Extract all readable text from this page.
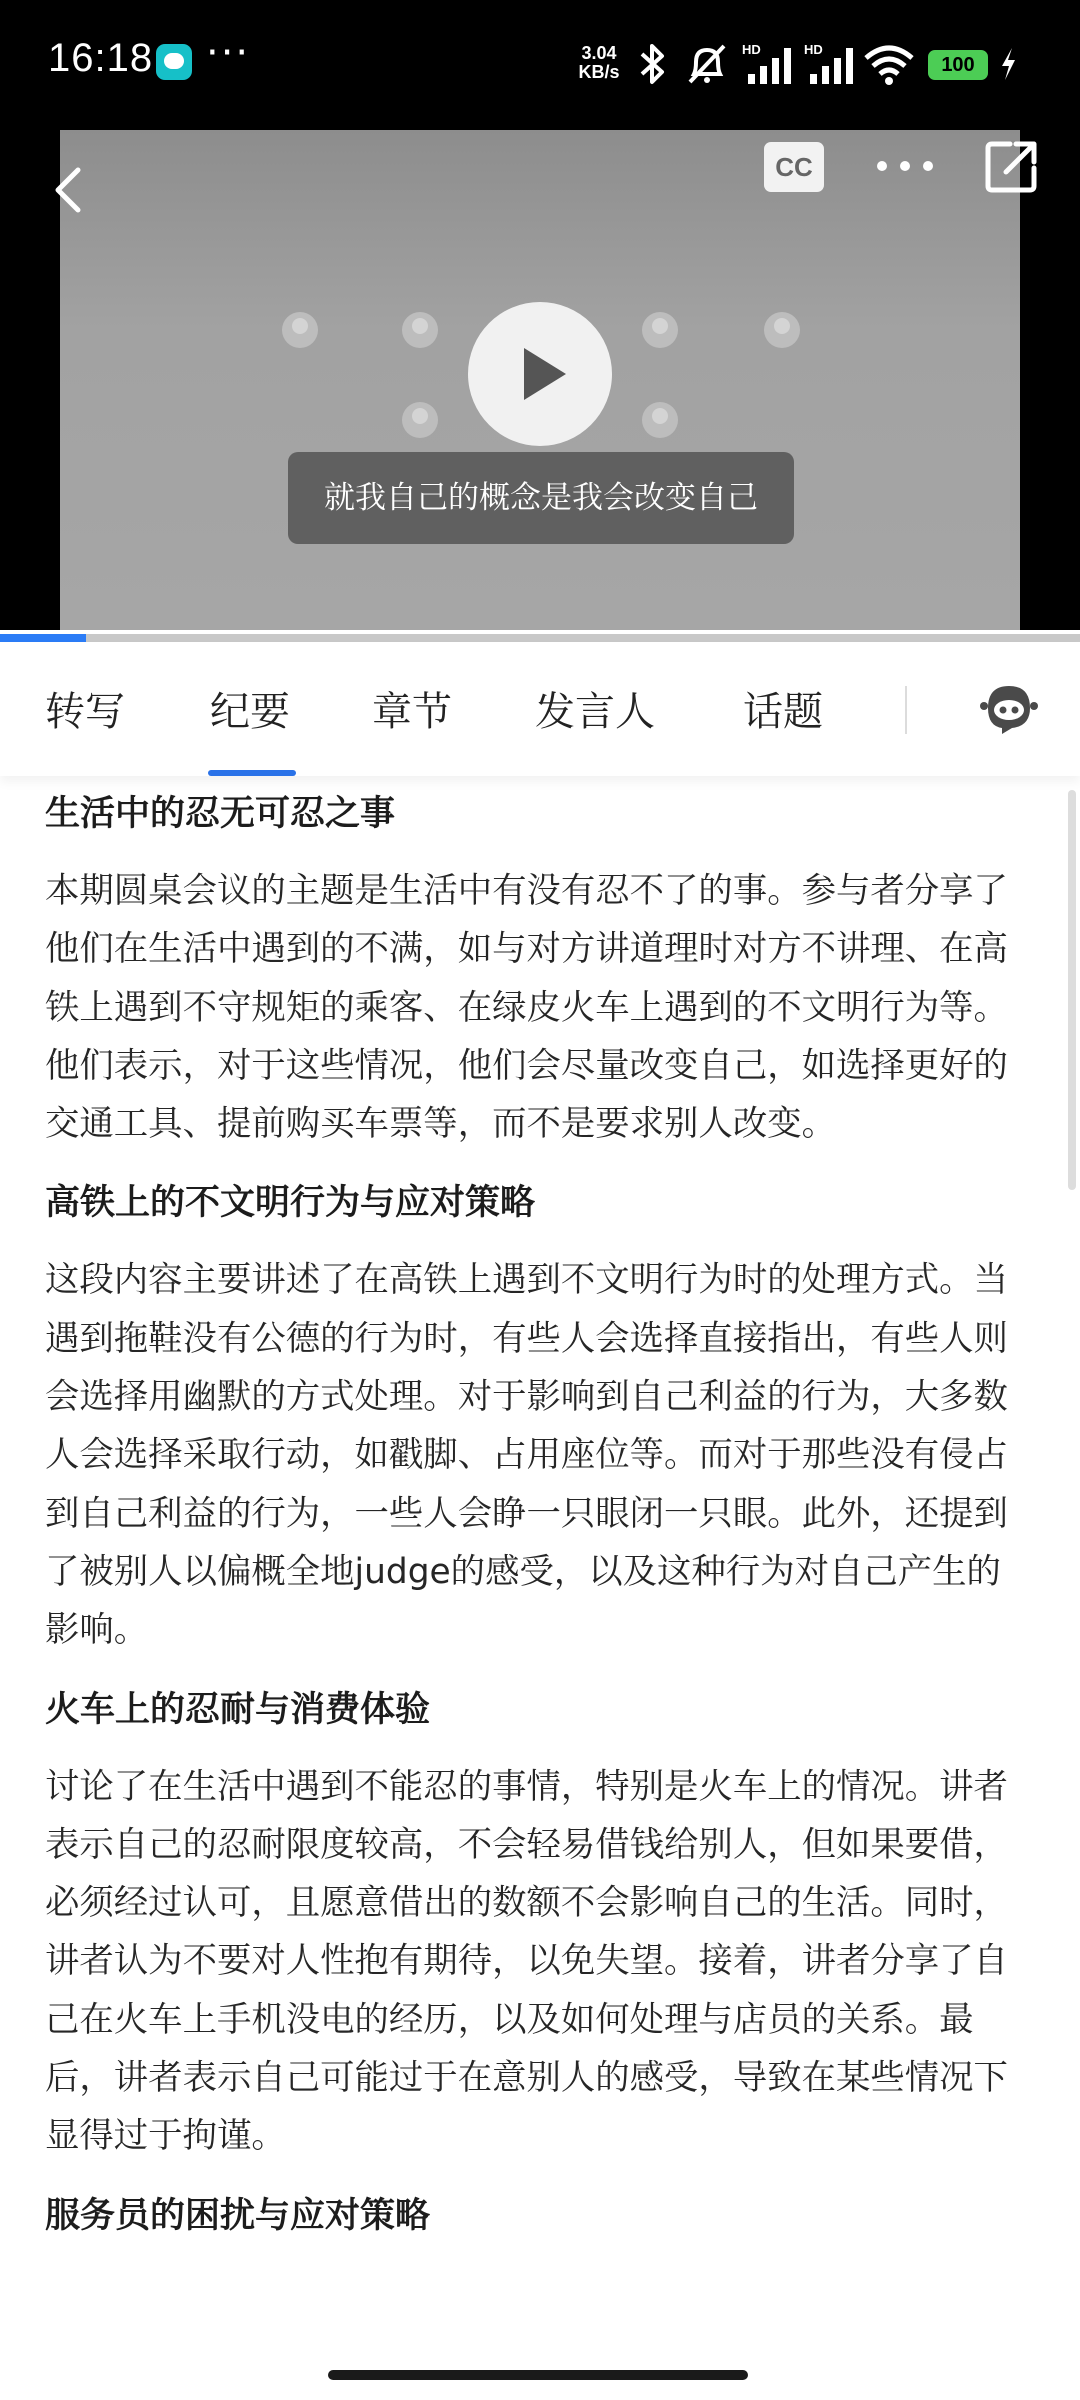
16:18 ···	3.04
KB/s
HD	HD
100
CC
就我自己的概念是我会改变自己
转写 纪要 章节 发言人 话题
生活中的忍无可忍之事
本期圆桌会议的主题是生活中有没有忍不了的事。参与者分享了他们在生活中遇到的不满，如与对方讲道理时对方不讲理、在高铁上遇到不守规矩的乘客、在绿皮火车上遇到的不文明行为等。他们表示，对于这些情况，他们会尽量改变自己，如选择更好的交通工具、提前购买车票等，而不是要求别人改变。
高铁上的不文明行为与应对策略
这段内容主要讲述了在高铁上遇到不文明行为时的处理方式。当遇到拖鞋没有公德的行为时，有些人会选择直接指出，有些人则会选择用幽默的方式处理。对于影响到自己利益的行为，大多数人会选择采取行动，如戳脚、占用座位等。而对于那些没有侵占到自己利益的行为，一些人会睁一只眼闭一只眼。此外，还提到了被别人以偏概全地judge的感受，以及这种行为对自己产生的影响。
火车上的忍耐与消费体验
讨论了在生活中遇到不能忍的事情，特别是火车上的情况。讲者表示自己的忍耐限度较高，不会轻易借钱给别人，但如果要借，必须经过认可，且愿意借出的数额不会影响自己的生活。同时，讲者认为不要对人性抱有期待，以免失望。接着，讲者分享了自己在火车上手机没电的经历，以及如何处理与店员的关系。最后，讲者表示自己可能过于在意别人的感受，导致在某些情况下显得过于拘谨。
服务员的困扰与应对策略
